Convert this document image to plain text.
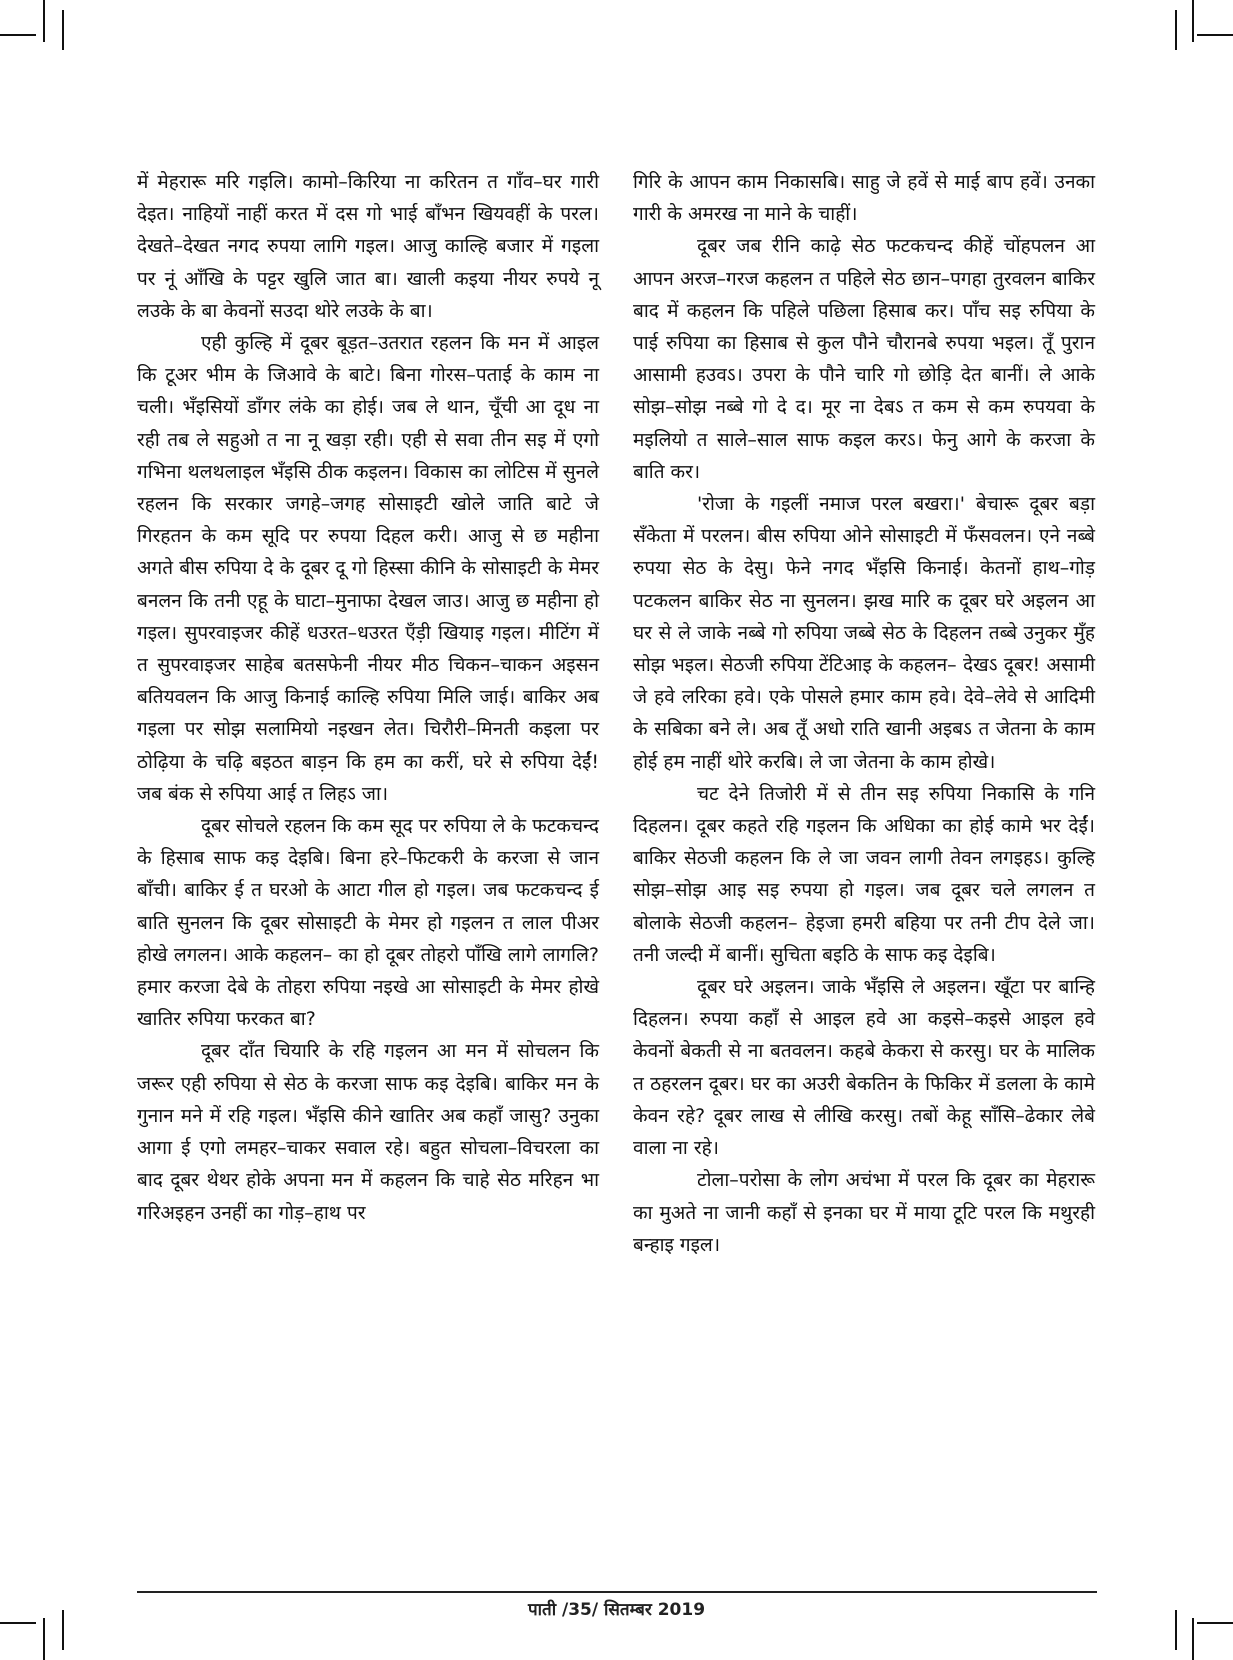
में मेहरारू मरि गइलि। कामो–किरिया ना करितन त गाँव–घर गारी देइत। नाहियों नाहीं करत में दस गो भाई बाँभन खियवहीं के परल। देखते–देखत नगद रुपया लागि गइल। आजु काल्हि बजार में गइला पर नूं आँखि के पट्टर खुलि जात बा। खाली कइया नीयर रुपये नू लउके के बा केवनों सउदा थोरे लउके के बा।

एही कुल्हि में दूबर बूड़त–उतरात रहलन कि मन में आइल कि टूअर भीम के जिआवे के बाटे। बिना गोरस–पताई के काम ना चली। भँइसियों डाँगर लंके का होई। जब ले थान, चूँची आ दूध ना रही तब ले सहुओ त ना नू खड़ा रही। एही से सवा तीन सइ में एगो गभिना थलथलाइल भँइसि ठीक कइलन। विकास का लोटिस में सुनले रहलन कि सरकार जगहे–जगह सोसाइटी खोले जाति बाटे जे गिरहतन के कम सूदि पर रुपया दिहल करी। आजु से छ महीना अगते बीस रुपिया दे के दूबर दू गो हिस्सा कीनि के सोसाइटी के मेमर बनलन कि तनी एहू के घाटा–मुनाफा देखल जाउ। आजु छ महीना हो गइल। सुपरवाइजर कीहें धउरत–धउरत एँड़ी खियाइ गइल। मीटिंग में त सुपरवाइजर साहेब बतसफेनी नीयर मीठ चिकन–चाकन अइसन बतियवलन कि आजु किनाई काल्हि रुपिया मिलि जाई। बाकिर अब गइला पर सोझ सलामियो नइखन लेत। चिरौरी–मिनती कइला पर ठोढ़िया के चढ़ि बइठत बाड़न कि हम का करीं, घरे से रुपिया देईं! जब बंक से रुपिया आई त लिहऽ जा।

दूबर सोचले रहलन कि कम सूद पर रुपिया ले के फटकचन्द के हिसाब साफ कइ देइबि। बिना हरे–फिटकरी के करजा से जान बाँची। बाकिर ई त घरओ के आटा गील हो गइल। जब फटकचन्द ई बाति सुनलन कि दूबर सोसाइटी के मेमर हो गइलन त लाल पीअर होखे लगलन। आके कहलन– का हो दूबर तोहरो पाँखि लागे लागलि? हमार करजा देबे के तोहरा रुपिया नइखे आ सोसाइटी के मेमर होखे खातिर रुपिया फरकत बा?

दूबर दाँत चियारि के रहि गइलन आ मन में सोचलन कि जरूर एही रुपिया से सेठ के करजा साफ कइ देइबि। बाकिर मन के गुनान मने में रहि गइल। भँइसि कीने खातिर अब कहाँ जासु? उनुका आगा ई एगो लमहर–चाकर सवाल रहे। बहुत सोचला–विचरला का बाद दूबर थेथर होके अपना मन में कहलन कि चाहे सेठ मरिहन भा गरिअइहन उनहीं का गोड़–हाथ पर

गिरि के आपन काम निकासबि। साहु जे हवें से माई बाप हवें। उनका गारी के अमरख ना माने के चाहीं।

दूबर जब रीनि काढ़े सेठ फटकचन्द कीहें चोंहपलन आ आपन अरज–गरज कहलन त पहिले सेठ छान–पगहा तुरवलन बाकिर बाद में कहलन कि पहिले पछिला हिसाब कर। पाँच सइ रुपिया के पाई रुपिया का हिसाब से कुल पौने चौरानबे रुपया भइल। तूँ पुरान आसामी हउवऽ। उपरा के पौने चारि गो छोड़ि देत बानीं। ले आके सोझ–सोझ नब्बे गो दे द। मूर ना देबऽ त कम से कम रुपयवा के मइलियो त साले–साल साफ कइल करऽ। फेनु आगे के करजा के बाति कर।

'रोजा के गइलीं नमाज परल बखरा।' बेचारू दूबर बड़ा सँकेता में परलन। बीस रुपिया ओने सोसाइटी में फँसवलन। एने नब्बे रुपया सेठ के देसु। फेने नगद भँइसि किनाई। केतनों हाथ–गोड़ पटकलन बाकिर सेठ ना सुनलन। झख मारि क दूबर घरे अइलन आ घर से ले जाके नब्बे गो रुपिया जब्बे सेठ के दिहलन तब्बे उनुकर मुँह सोझ भइल। सेठजी रुपिया टेंटिआइ के कहलन– देखऽ दूबर! असामी जे हवे लरिका हवे। एके पोसले हमार काम हवे। देवे–लेवे से आदिमी के सबिका बने ले। अब तूँ अधो राति खानी अइबऽ त जेतना के काम होई हम नाहीं थोरे करबि। ले जा जेतना के काम होखे।

चट देने तिजोरी में से तीन सइ रुपिया निकासि के गनि दिहलन। दूबर कहते रहि गइलन कि अधिका का होई कामे भर देईं। बाकिर सेठजी कहलन कि ले जा जवन लागी तेवन लगइहऽ। कुल्हि सोझ–सोझ आइ सइ रुपया हो गइल। जब दूबर चले लगलन त बोलाके सेठजी कहलन– हेइजा हमरी बहिया पर तनी टीप देले जा। तनी जल्दी में बानीं। सुचिता बइठि के साफ कइ देइबि।

दूबर घरे अइलन। जाके भँइसि ले अइलन। खूँटा पर बान्हि दिहलन। रुपया कहाँ से आइल हवे आ कइसे–कइसे आइल हवे केवनों बेकती से ना बतवलन। कहबे केकरा से करसु। घर के मालिक त ठहरलन दूबर। घर का अउरी बेकतिन के फिकिर में डलला के कामे केवन रहे? दूबर लाख से लीखि करसु। तबों केहू साँसि–ढेकार लेबे वाला ना रहे।

टोला–परोसा के लोग अचंभा में परल कि दूबर का मेहरारू का मुअते ना जानी कहाँ से इनका घर में माया टूटि परल कि मथुरही बन्हाइ गइल।

पाती /35/ सितम्बर 2019
